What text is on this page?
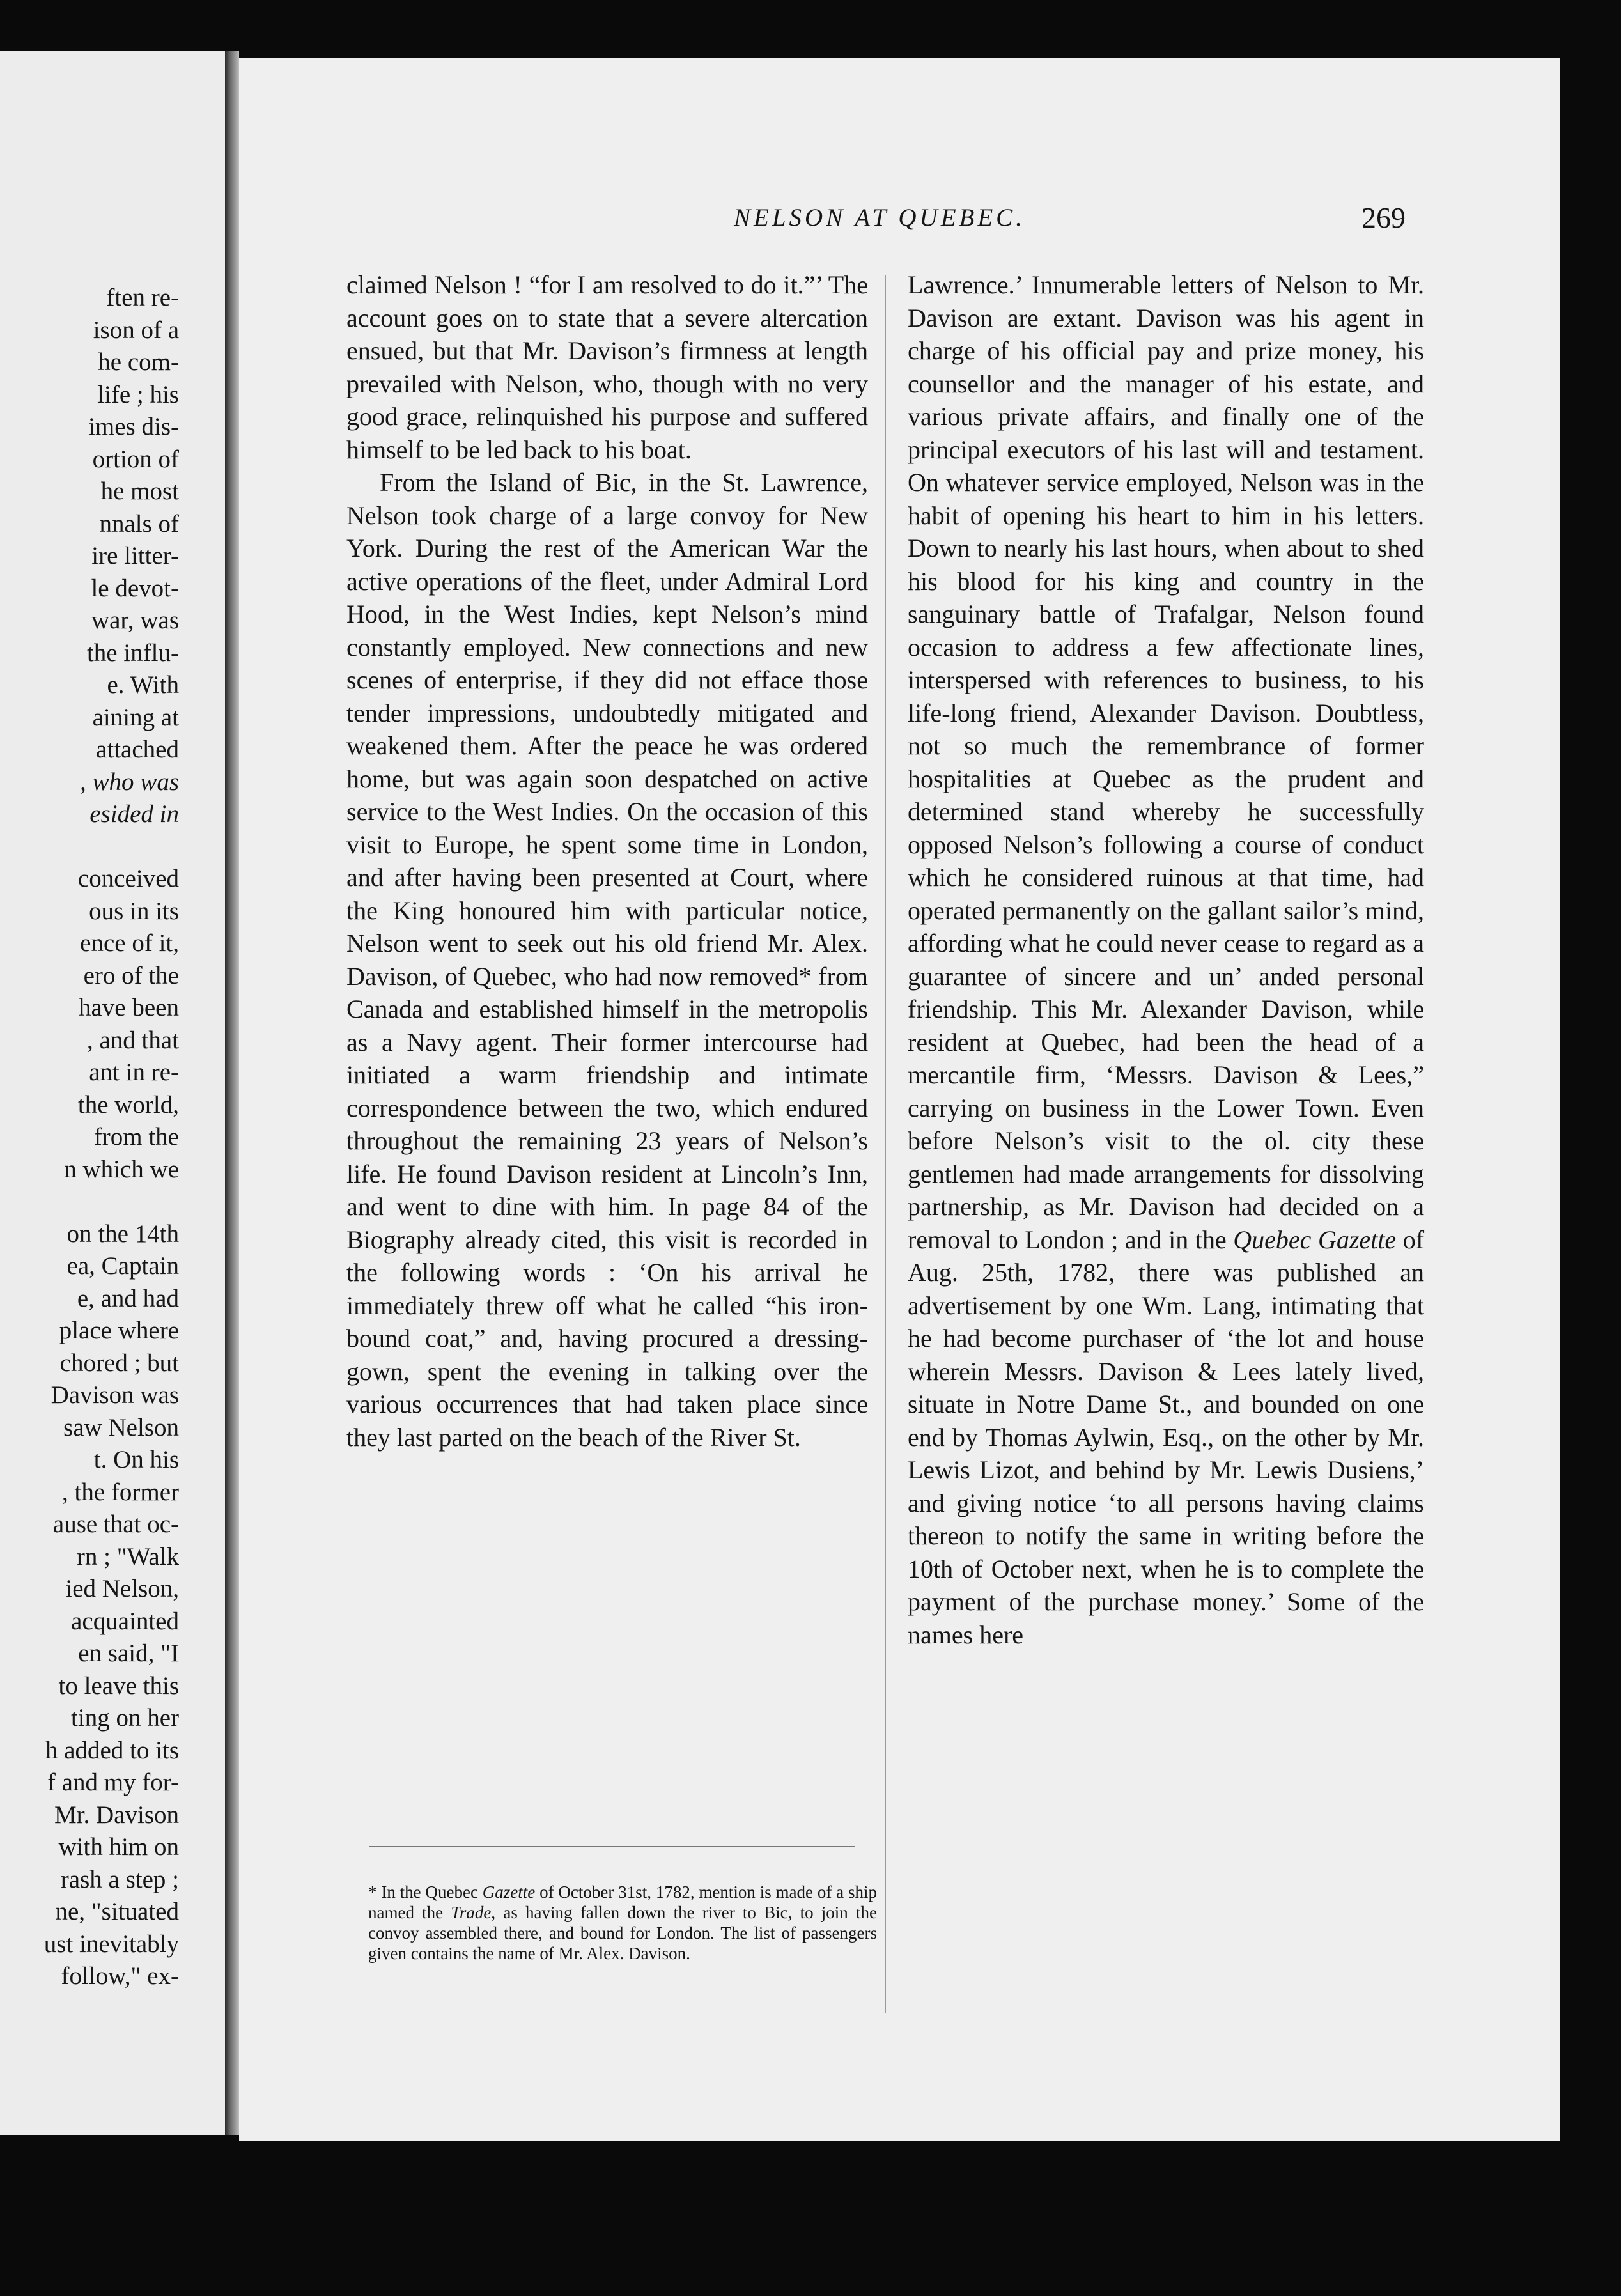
ften re-
ison of a
he com-
life ; his
imes dis-
ortion of
he most
nnals of
ire litter-
le devot-
war, was
the influ-
e. With
aining at
attached
, who was
esided in
conceived
ous in its
ence of it,
ero of the
have been
, and that
ant in re-
the world,
from the
n which we
on the 14th
ea, Captain
e, and had
place where
chored ; but
Davison was
saw Nelson
t. On his
, the former
ause that oc-
rn ; "Walk
ied Nelson,
acquainted
en said, "I
to leave this
ting on her
h added to its
f and my for-
Mr. Davison
with him on
rash a step ;
ne, "situated
ust inevitably
follow," ex-
NELSON AT QUEBEC.	269

claimed Nelson ! “for I am resolved to do it.”’ The account goes on to state that a severe altercation ensued, but that Mr. Davison’s firmness at length prevailed with Nelson, who, though with no very good grace, relinquished his purpose and suffered himself to be led back to his boat.

From the Island of Bic, in the St. Lawrence, Nelson took charge of a large convoy for New York. During the rest of the American War the active operations of the fleet, under Admiral Lord Hood, in the West Indies, kept Nelson’s mind constantly employed. New connections and new scenes of enterprise, if they did not efface those tender impressions, undoubtedly mitigated and weakened them. After the peace he was ordered home, but was again soon despatched on active service to the West Indies. On the occasion of this visit to Europe, he spent some time in London, and after having been presented at Court, where the King honoured him with particular notice, Nelson went to seek out his old friend Mr. Alex. Davison, of Quebec, who had now removed* from Canada and established himself in the metropolis as a Navy agent. Their former intercourse had initiated a warm friendship and intimate correspondence between the two, which endured throughout the remaining 23 years of Nelson’s life. He found Davison resident at Lincoln’s Inn, and went to dine with him. In page 84 of the Biography already cited, this visit is recorded in the following words : ‘On his arrival he immediately threw off what he called “his iron-bound coat,” and, having procured a dressing-gown, spent the evening in talking over the various occurrences that had taken place since they last parted on the beach of the River St.

Lawrence.’ Innumerable letters of Nelson to Mr. Davison are extant. Davison was his agent in charge of his official pay and prize money, his counsellor and the manager of his estate, and various private affairs, and finally one of the principal executors of his last will and testament. On whatever service employed, Nelson was in the habit of opening his heart to him in his letters. Down to nearly his last hours, when about to shed his blood for his king and country in the sanguinary battle of Trafalgar, Nelson found occasion to address a few affectionate lines, interspersed with references to business, to his life-long friend, Alexander Davison. Doubtless, not so much the remembrance of former hospitalities at Quebec as the prudent and determined stand whereby he successfully opposed Nelson’s following a course of conduct which he considered ruinous at that time, had operated permanently on the gallant sailor’s mind, affording what he could never cease to regard as a guarantee of sincere and un’ anded personal friendship. This Mr. Alexander Davison, while resident at Quebec, had been the head of a mercantile firm, ‘Messrs. Davison & Lees,” carrying on business in the Lower Town. Even before Nelson’s visit to the ol. city these gentlemen had made arrangements for dissolving partnership, as Mr. Davison had decided on a removal to London ; and in the Quebec Gazette of Aug. 25th, 1782, there was published an advertisement by one Wm. Lang, intimating that he had become purchaser of ‘the lot and house wherein Messrs. Davison & Lees lately lived, situate in Notre Dame St., and bounded on one end by Thomas Aylwin, Esq., on the other by Mr. Lewis Lizot, and behind by Mr. Lewis Dusiens,’ and giving notice ‘to all persons having claims thereon to notify the same in writing before the 10th of October next, when he is to complete the payment of the purchase money.’ Some of the names here

* In the Quebec Gazette of October 31st, 1782, mention is made of a ship named the Trade, as having fallen down the river to Bic, to join the convoy assembled there, and bound for London. The list of passengers given contains the name of Mr. Alex. Davison.
